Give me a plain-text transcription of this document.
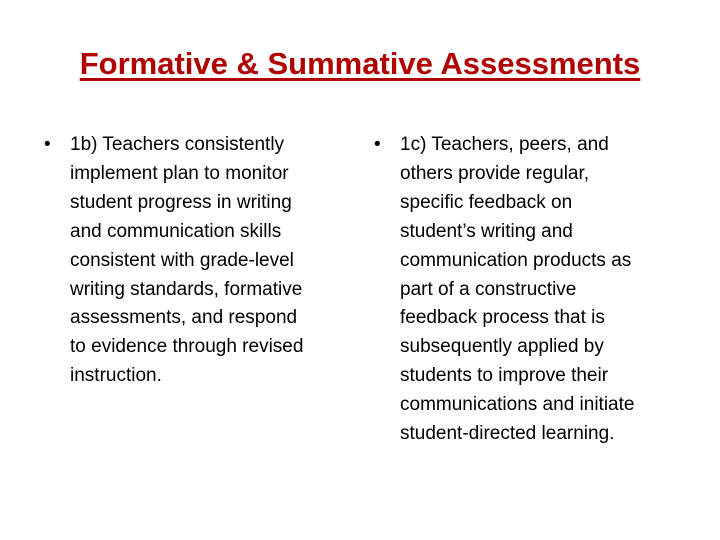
Formative & Summative Assessments
• 1b) Teachers consistently
implement plan to monitor
student progress in writing
and communication skills
consistent with grade-level
writing standards, formative
assessments, and respond
to evidence through revised
instruction.
• 1c) Teachers, peers, and
others provide regular,
specific feedback on
student’s writing and
communication products as
part of a constructive
feedback process that is
subsequently applied by
students to improve their
communications and initiate
student-directed learning.
